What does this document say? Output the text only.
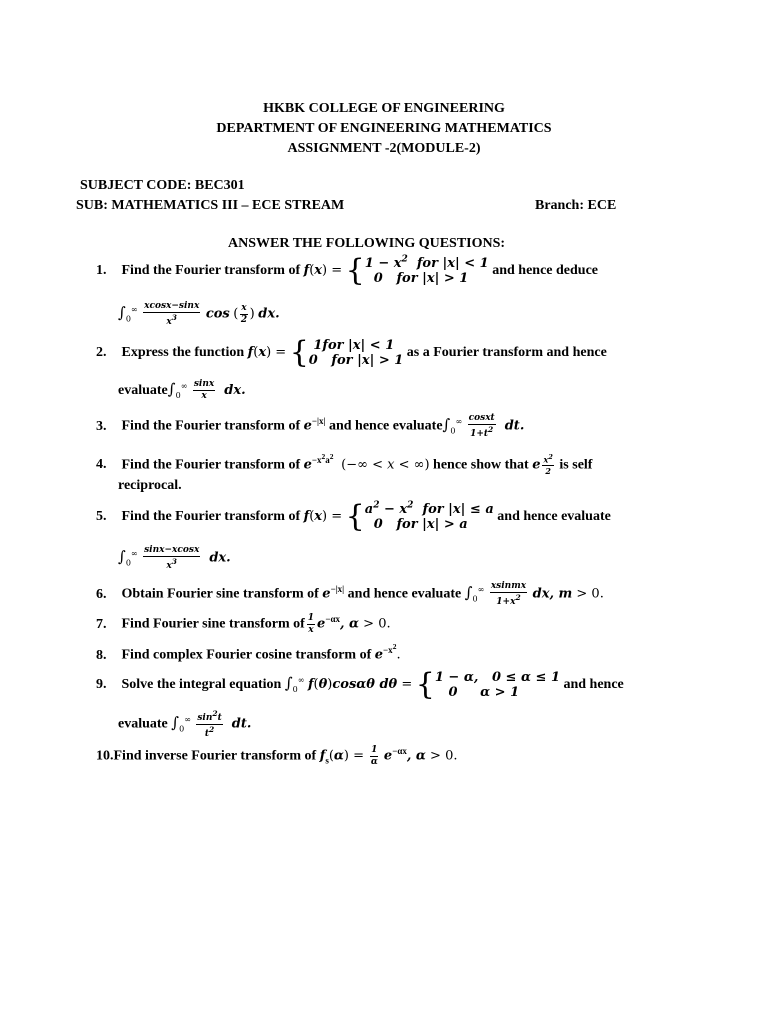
HKBK COLLEGE OF ENGINEERING
DEPARTMENT OF ENGINEERING MATHEMATICS
ASSIGNMENT -2(MODULE-2)
SUBJECT CODE: BEC301
SUB: MATHEMATICS III – ECE STREAM	Branch: ECE
ANSWER THE FOLLOWING QUESTIONS:
1. Find the Fourier transform of f(x) = { $1 - x^2$ for |x| < 1
0   for |x| > 1
and hence deduce
$\int_0^\infty \frac{xcosx-\sin x}{x^3}$ cos ( $\frac{x}{2}$ ) dx.
2. Express the function f(x) = { 1for |x| < 1
0 for |x| > 1
as a Fourier transform and hence
$evaluate\int_0^\infty \frac{\sin x}{x}$ dx.
3. Find the Fourier transform of $e^{-|x|}$ and hence $evaluate\int_0^\infty \frac{\text{cosxt}}{1+t^2}$ dt.
4. Find the Fourier transform of $e^{-x^2a^2}$  (−∞ < x < ∞) hence show that e $\frac{x^2}{2}$ is self
reciprocal.
5. Find the Fourier transform of f(x) = { $a^2 - x^2$ for |x| ≤ a
0   for |x| > a
and hence evaluate
$\int_0^\infty \frac{\sin x-xcosx}{x^3}$ dx.
6. Obtain Fourier sine transform of $e^{-|x|}$ and hence evaluate $\int_0^\infty \frac{\text{xsinmx}}{1+x^2}$ dx, m > 0.
7. Find Fourier sine transform of $\frac{1}{x} e^{-\alpha x}$, α > 0.
8. Find complex Fourier cosine transform of $e^{-x^2}$.
9. Solve the integral equation $\int_0^\infty$ f(θ)cosαθ dθ = { 1 − α,   0 ≤ α ≤ 1
0 α > 1
and hence
evaluate $\int_0^\infty \frac{\sin^2t}{t^2}$ dt.
10.Find inverse Fourier transform of $f_s(\alpha) = \frac{1}{\alpha} e^{-\alpha x}$, α > 0.
